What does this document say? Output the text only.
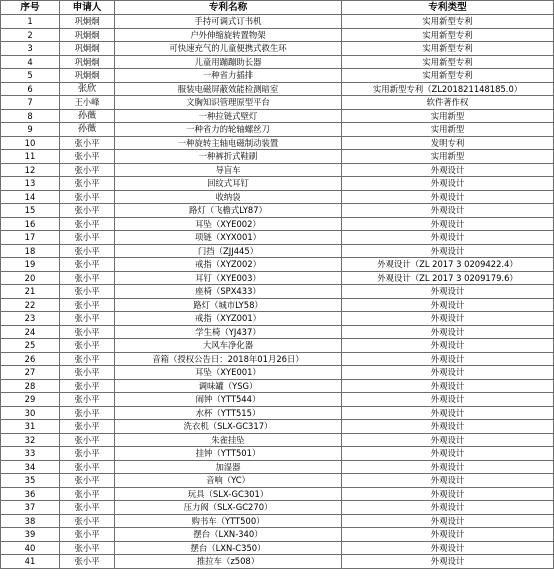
序号	申请人	专利名称	专利类型
1	巩炯炯	手持可调式订书机	实用新型专利
2	巩炯炯	户外伸缩旋转置物架	实用新型专利
3	巩炯炯	可快速充气的儿童便携式救生环	实用新型专利
4	巩炯炯	儿童用蹦蹦助长器	实用新型专利
5	巩炯炯	一种省力插排	实用新型专利
6	张欣	服装电磁屏蔽效能检测暗室	实用新型专利（ZL201821148185.0）
7	王小峰	文胸知识管理原型平台	软件著作权
8	孙薇	一种拉链式壁灯	实用新型
9	孙薇	一种省力的轮轴螺丝刀	实用新型
10	张小平	一种旋转主轴电磁制动装置	发明专利
11	张小平	一种裤折式鞋刷	实用新型
12	张小平	导盲车	外观设计
13	张小平	回纹式耳钉	外观设计
14	张小平	收纳袋	外观设计
15	张小平	路灯（飞檐式LY87）	外观设计
16	张小平	耳坠（XYE002）	外观设计
17	张小平	项链（XYX001）	外观设计
18	张小平	门挡（ZJJ445）	外观设计
19	张小平	戒指（XYZ002）	外观设计（ZL 2017 3 0209422.4）
20	张小平	耳钉（XYE003）	外观设计（ZL 2017 3 0209179.6）
21	张小平	座椅（SPX433）	外观设计
22	张小平	路灯（城市LY58）	外观设计
23	张小平	戒指（XYZ001）	外观设计
24	张小平	学生椅（YJ437）	外观设计
25	张小平	大风车净化器	外观设计
26	张小平	音箱（授权公告日：2018年01月26日）	外观设计
27	张小平	耳坠（XYE001）	外观设计
28	张小平	调味罐（YSG）	外观设计
29	张小平	闹钟（YTT544）	外观设计
30	张小平	水杯（YTT515）	外观设计
31	张小平	洗衣机（SLX-GC317）	外观设计
32	张小平	朱雀挂坠	外观设计
33	张小平	挂钟（YTT501）	外观设计
34	张小平	加湿器	外观设计
35	张小平	音响（YC）	外观设计
36	张小平	玩具（SLX-GC301）	外观设计
37	张小平	压力阀（SLX-GC270）	外观设计
38	张小平	购书车（YTT500）	外观设计
39	张小平	摆台（LXN-340）	外观设计
40	张小平	摆台（LXN-C350）	外观设计
41	张小平	推拉车（z508）	外观设计
